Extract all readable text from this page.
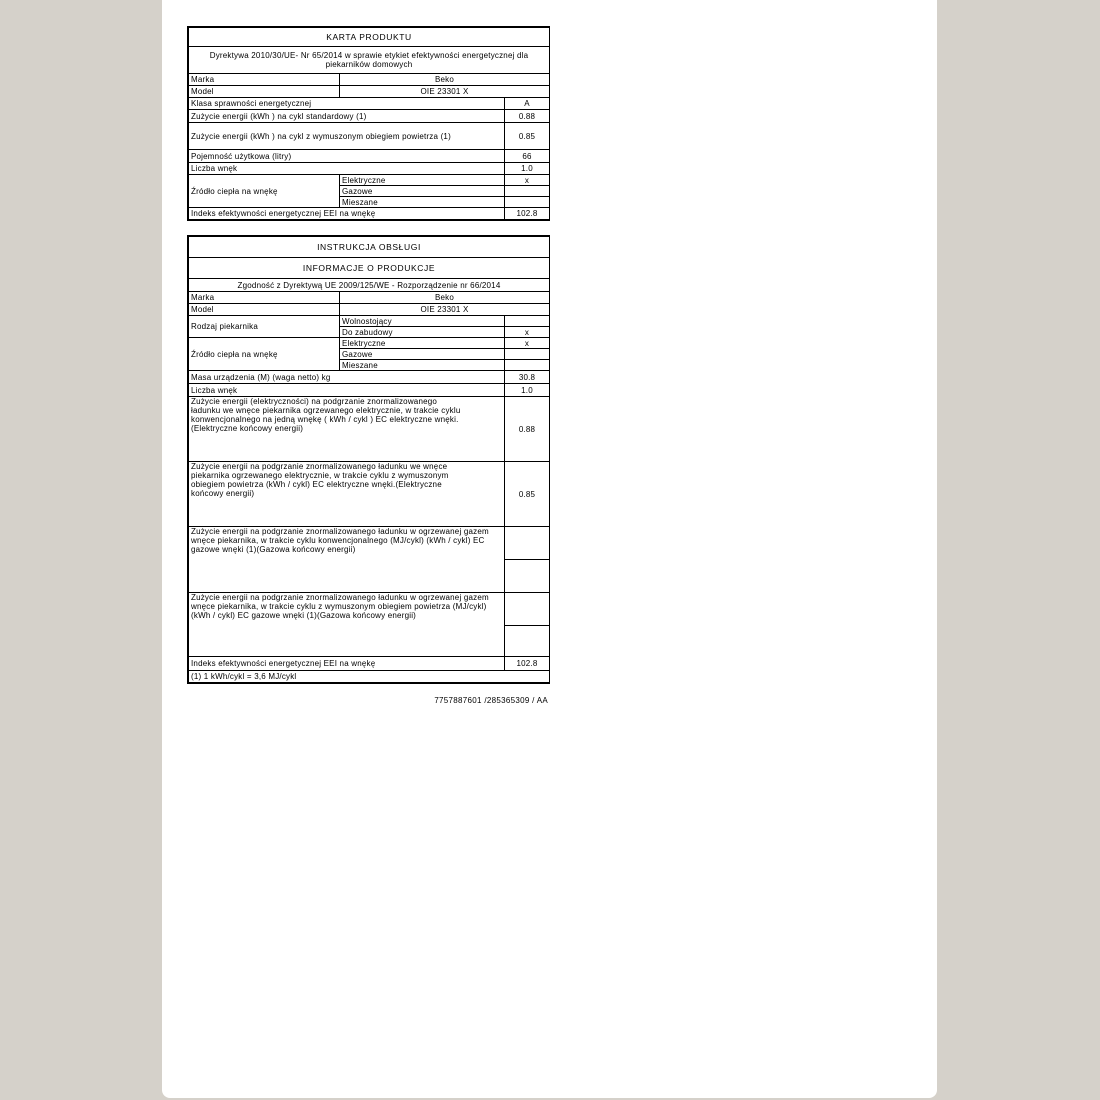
KARTA PRODUKTU		
Dyrektywa 2010/30/UE- Nr 65/2014 w sprawie etykiet efektywności energetycznej dla piekarników domowych		
Marka	Beko	
Model	OIE 23301 X	
Klasa sprawności energetycznej		A
Zużycie energii (kWh ) na cykl standardowy (1)		0.88
Zużycie energii (kWh ) na cykl z wymuszonym obiegiem powietrza (1)		0.85
Pojemność użytkowa (litry)		66
Liczba wnęk		1.0
Źródło ciepła na wnękę	Elektryczne	x
	Gazowe	
	Mieszane	
Indeks efektywności energetycznej EEI na wnękę		102.8
INSTRUKCJA OBSŁUGI		
INFORMACJE O PRODUKCJE		
Zgodność z Dyrektywą UE 2009/125/WE - Rozporządzenie nr 66/2014		
Marka	Beko	
Model	OIE 23301 X	
Rodzaj piekarnika	Wolnostojący	
	Do zabudowy	x
Źródło ciepła na wnękę	Elektryczne	x
	Gazowe	
	Mieszane	
Masa urządzenia (M) (waga netto) kg		30.8
Liczba wnęk		1.0
Zużycie energii (elektryczności) na podgrzanie znormalizowanego ładunku we wnęce piekarnika ogrzewanego elektrycznie, w trakcie cyklu konwencjonalnego na jedną wnękę ( kWh / cykl ) EC elektryczne wnęki.(Elektryczne końcowy energii)		0.88
Zużycie energii na podgrzanie znormalizowanego ładunku we wnęce piekarnika ogrzewanego elektrycznie, w trakcie cyklu z wymuszonym obiegiem powietrza (kWh / cykl) EC elektryczne wnęki.(Elektryczne końcowy energii)		0.85
Zużycie energii na podgrzanie znormalizowanego ładunku w ogrzewanej gazem wnęce piekarnika, w trakcie cyklu konwencjonalnego (MJ/cykl) (kWh / cykl) EC gazowe wnęki (1)(Gazowa końcowy energii)		

Zużycie energii na podgrzanie znormalizowanego ładunku w ogrzewanej gazem wnęce piekarnika, w trakcie cyklu z wymuszonym obiegiem powietrza (MJ/cykl) (kWh / cykl) EC gazowe wnęki (1)(Gazowa końcowy energii)		

Indeks efektywności energetycznej EEI na wnękę		102.8
(1) 1 kWh/cykl = 3,6 MJ/cykl		
7757887601 /285365309 / AA
